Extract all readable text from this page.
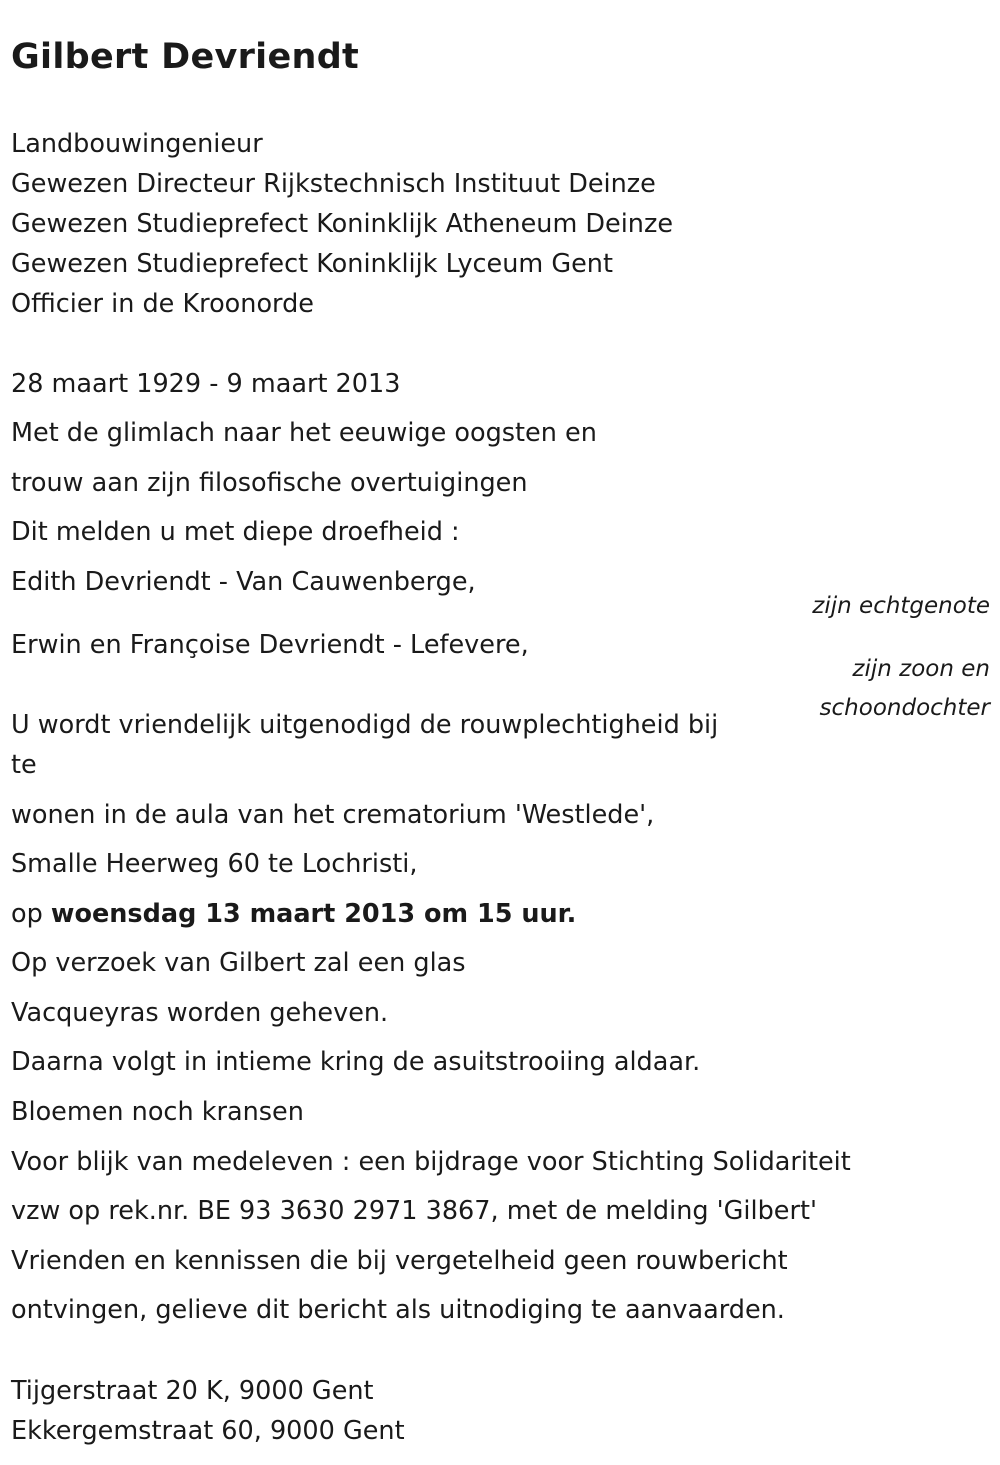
Gilbert Devriendt
Landbouwingenieur
Gewezen Directeur Rijkstechnisch Instituut Deinze
Gewezen Studieprefect Koninklijk Atheneum Deinze
Gewezen Studieprefect Koninklijk Lyceum Gent
Officier in de Kroonorde
28 maart 1929 - 9 maart 2013
Met de glimlach naar het eeuwige oogsten en
trouw aan zijn filosofische overtuigingen
Dit melden u met diepe droefheid :
Edith Devriendt - Van Cauwenberge,
zijn echtgenote
Erwin en Françoise Devriendt - Lefevere,
zijn zoon en
schoondochter
U wordt vriendelijk uitgenodigd de rouwplechtigheid bij te
wonen in de aula van het crematorium 'Westlede',
Smalle Heerweg 60 te Lochristi,
op woensdag 13 maart 2013 om 15 uur.
Op verzoek van Gilbert zal een glas
Vacqueyras worden geheven.
Daarna volgt in intieme kring de asuitstrooiing aldaar.
Bloemen noch kransen
Voor blijk van medeleven : een bijdrage voor Stichting Solidariteit
vzw op rek.nr. BE 93 3630 2971 3867, met de melding 'Gilbert'
Vrienden en kennissen die bij vergetelheid geen rouwbericht
ontvingen, gelieve dit bericht als uitnodiging te aanvaarden.
Tijgerstraat 20 K, 9000 Gent
Ekkergemstraat 60, 9000 Gent
